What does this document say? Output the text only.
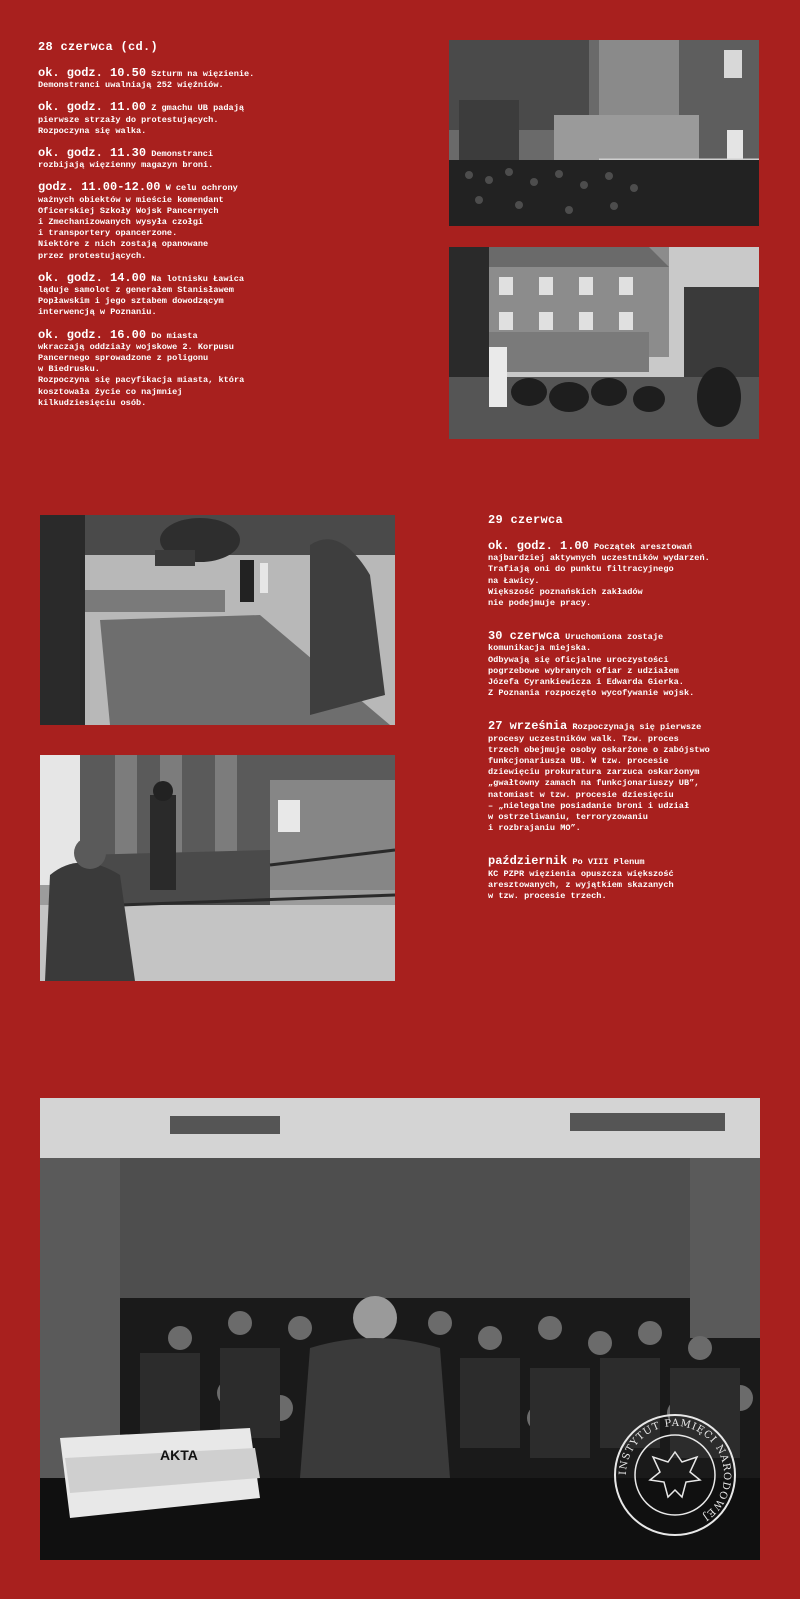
28 czerwca (cd.)
ok. godz. 10.50 Szturm na więzienie.
Demonstranci uwalniają 252 więźniów.
ok. godz. 11.00 Z gmachu UB padają
pierwsze strzały do protestujących.
Rozpoczyna się walka.
ok. godz. 11.30 Demonstranci
rozbijają więzienny magazyn broni.
godz. 11.00-12.00 W celu ochrony
ważnych obiektów w mieście komendant
Oficerskiej Szkoły Wojsk Pancernych
i Zmechanizowanych wysyła czołgi
i transportery opancerzone.
Niektóre z nich zostają opanowane
przez protestujących.
ok. godz. 14.00 Na lotnisku Ławica
ląduje samolot z generałem Stanisławem
Popławskim i jego sztabem dowodzącym
interwencją w Poznaniu.
ok. godz. 16.00 Do miasta
wkraczają oddziały wojskowe 2. Korpusu
Pancernego sprowadzone z poligonu
w Biedrusku.
Rozpoczyna się pacyfikacja miasta, która
kosztowała życie co najmniej
kilkudziesięciu osób.
29 czerwca
ok. godz. 1.00 Początek aresztowań
najbardziej aktywnych uczestników wydarzeń.
Trafiają oni do punktu filtracyjnego
na Ławicy.
Większość poznańskich zakładów
nie podejmuje pracy.
30 czerwca Uruchomiona zostaje
komunikacja miejska.
Odbywają się oficjalne uroczystości
pogrzebowe wybranych ofiar z udziałem
Józefa Cyrankiewicza i Edwarda Gierka.
Z Poznania rozpoczęto wycofywanie wojsk.
27 września Rozpoczynają się pierwsze
procesy uczestników walk. Tzw. proces
trzech obejmuje osoby oskarżone o zabójstwo
funkcjonariusza UB. W tzw. procesie
dziewięciu prokuratura zarzuca oskarżonym
„gwałtowny zamach na funkcjonariuszy UB”,
natomiast w tzw. procesie dziesięciu
– „nielegalne posiadanie broni i udział
w ostrzeliwaniu, terroryzowaniu
i rozbrajaniu MO”.
październik Po VIII Plenum
KC PZPR więzienia opuszcza większość
aresztowanych, z wyjątkiem skazanych
w tzw. procesie trzech.
AKTA
INSTYTUT PAMIĘCI NARODOWEJ
